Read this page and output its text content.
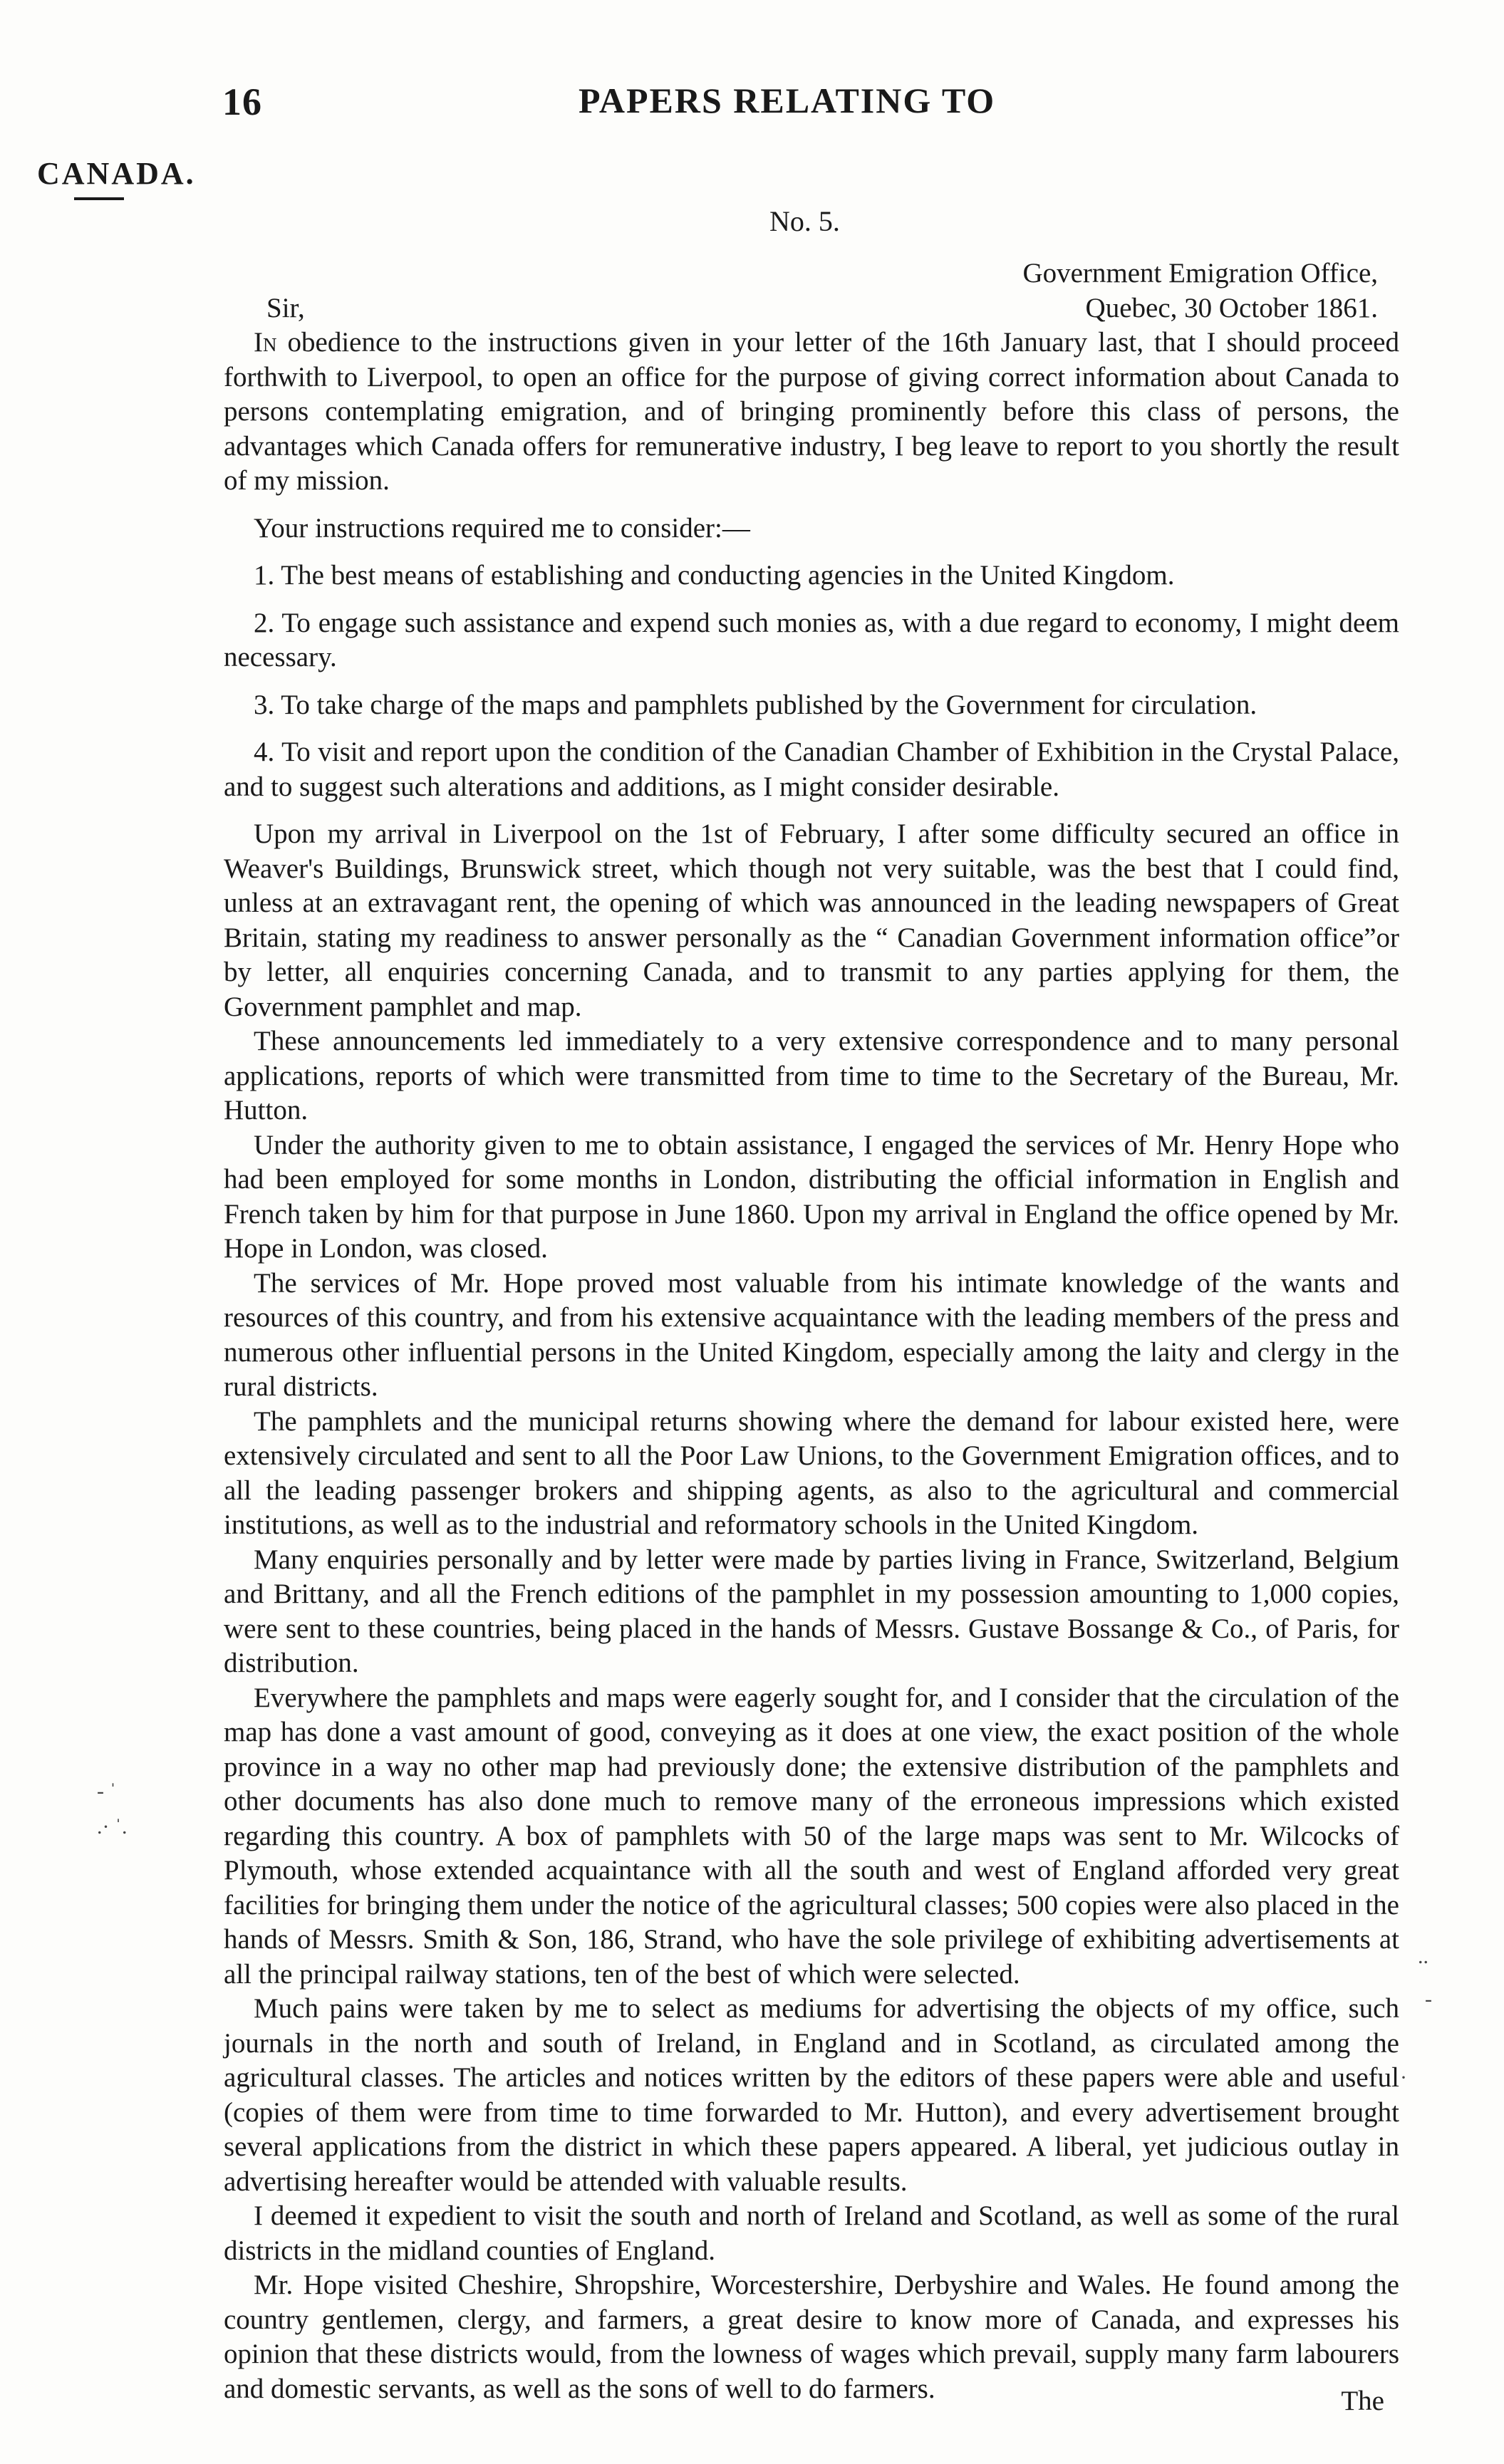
16	PAPERS RELATING TO
CANADA.
No. 5.
Government Emigration Office,
Sir,	Quebec, 30 October 1861.

In obedience to the instructions given in your letter of the 16th January last, that I should proceed forthwith to Liverpool, to open an office for the purpose of giving correct information about Canada to persons contemplating emigration, and of bringing prominently before this class of persons, the advantages which Canada offers for remunerative industry, I beg leave to report to you shortly the result of my mission.

Your instructions required me to consider:—

1. The best means of establishing and conducting agencies in the United Kingdom.

2. To engage such assistance and expend such monies as, with a due regard to economy, I might deem necessary.

3. To take charge of the maps and pamphlets published by the Government for circulation.

4. To visit and report upon the condition of the Canadian Chamber of Exhibition in the Crystal Palace, and to suggest such alterations and additions, as I might consider desirable.

Upon my arrival in Liverpool on the 1st of February, I after some difficulty secured an office in Weaver's Buildings, Brunswick street, which though not very suitable, was the best that I could find, unless at an extravagant rent, the opening of which was announced in the leading newspapers of Great Britain, stating my readiness to answer personally as the “ Canadian Government information office”or by letter, all enquiries concerning Canada, and to transmit to any parties applying for them, the Government pamphlet and map.

These announcements led immediately to a very extensive correspondence and to many personal applications, reports of which were transmitted from time to time to the Secretary of the Bureau, Mr. Hutton.

Under the authority given to me to obtain assistance, I engaged the services of Mr. Henry Hope who had been employed for some months in London, distributing the official information in English and French taken by him for that purpose in June 1860. Upon my arrival in England the office opened by Mr. Hope in London, was closed.

The services of Mr. Hope proved most valuable from his intimate knowledge of the wants and resources of this country, and from his extensive acquaintance with the leading members of the press and numerous other influential persons in the United Kingdom, especially among the laity and clergy in the rural districts.

The pamphlets and the municipal returns showing where the demand for labour existed here, were extensively circulated and sent to all the Poor Law Unions, to the Government Emigration offices, and to all the leading passenger brokers and shipping agents, as also to the agricultural and commercial institutions, as well as to the industrial and reformatory schools in the United Kingdom.

Many enquiries personally and by letter were made by parties living in France, Switzerland, Belgium and Brittany, and all the French editions of the pamphlet in my possession amounting to 1,000 copies, were sent to these countries, being placed in the hands of Messrs. Gustave Bossange & Co., of Paris, for distribution.

Everywhere the pamphlets and maps were eagerly sought for, and I consider that the circulation of the map has done a vast amount of good, conveying as it does at one view, the exact position of the whole province in a way no other map had previously done; the extensive distribution of the pamphlets and other documents has also done much to remove many of the erroneous impressions which existed regarding this country. A box of pamphlets with 50 of the large maps was sent to Mr. Wilcocks of Plymouth, whose extended acquaintance with all the south and west of England afforded very great facilities for bringing them under the notice of the agricultural classes; 500 copies were also placed in the hands of Messrs. Smith & Son, 186, Strand, who have the sole privilege of exhibiting advertisements at all the principal railway stations, ten of the best of which were selected.

Much pains were taken by me to select as mediums for advertising the objects of my office, such journals in the north and south of Ireland, in England and in Scotland, as circulated among the agricultural classes. The articles and notices written by the editors of these papers were able and useful (copies of them were from time to time forwarded to Mr. Hutton), and every advertisement brought several applications from the district in which these papers appeared. A liberal, yet judicious outlay in advertising hereafter would be attended with valuable results.

I deemed it expedient to visit the south and north of Ireland and Scotland, as well as some of the rural districts in the midland counties of England.

Mr. Hope visited Cheshire, Shropshire, Worcestershire, Derbyshire and Wales. He found among the country gentlemen, clergy, and farmers, a great desire to know more of Canada, and expresses his opinion that these districts would, from the lowness of wages which prevail, supply many farm labourers and domestic servants, as well as the sons of well to do farmers.	The
- ˈ
.· ˈ.
..
-
·
